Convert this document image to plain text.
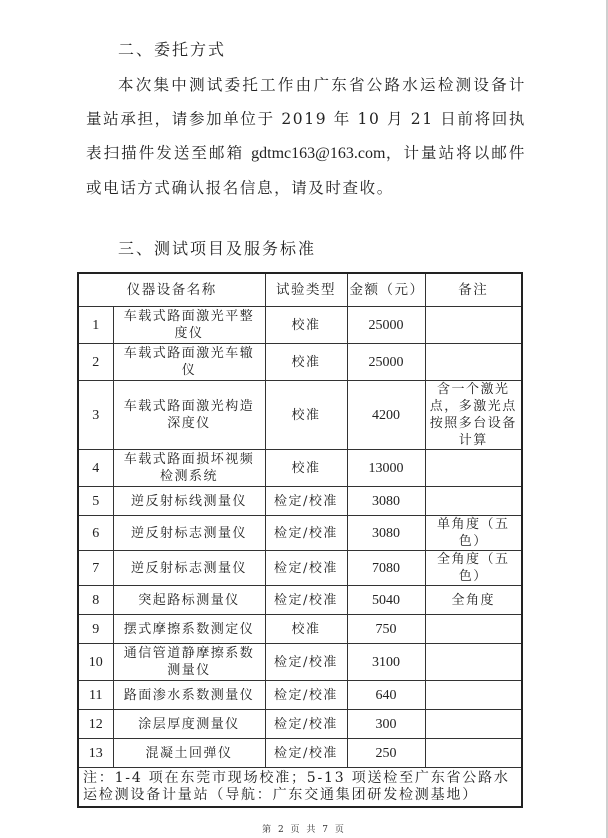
二、委托方式
本次集中测试委托工作由广东省公路水运检测设备计量站承担，请参加单位于 2019 年 10 月 21 日前将回执表扫描件发送至邮箱 gdtmc163@163.com，计量站将以邮件或电话方式确认报名信息，请及时查收。
三、测试项目及服务标准
仪器设备名称		试验类型	金额（元）	备注
1	车载式路面激光平整度仪	校准	25000	
2	车载式路面激光车辙仪	校准	25000	
3	车载式路面激光构造深度仪	校准	4200	含一个激光点，多激光点按照多台设备计算
4	车载式路面损坏视频检测系统	校准	13000	
5	逆反射标线测量仪	检定/校准	3080	
6	逆反射标志测量仪	检定/校准	3080	单角度（五色）
7	逆反射标志测量仪	检定/校准	7080	全角度（五色）
8	突起路标测量仪	检定/校准	5040	全角度
9	摆式摩擦系数测定仪	校准	750	
10	通信管道静摩擦系数测量仪	检定/校准	3100	
11	路面渗水系数测量仪	检定/校准	640	
12	涂层厚度测量仪	检定/校准	300	
13	混凝土回弹仪	检定/校准	250	
注：1-4 项在东莞市现场校准；5-13 项送检至广东省公路水运检测设备计量站（导航：广东交通集团研发检测基地）				
第 2 页 共 7 页
